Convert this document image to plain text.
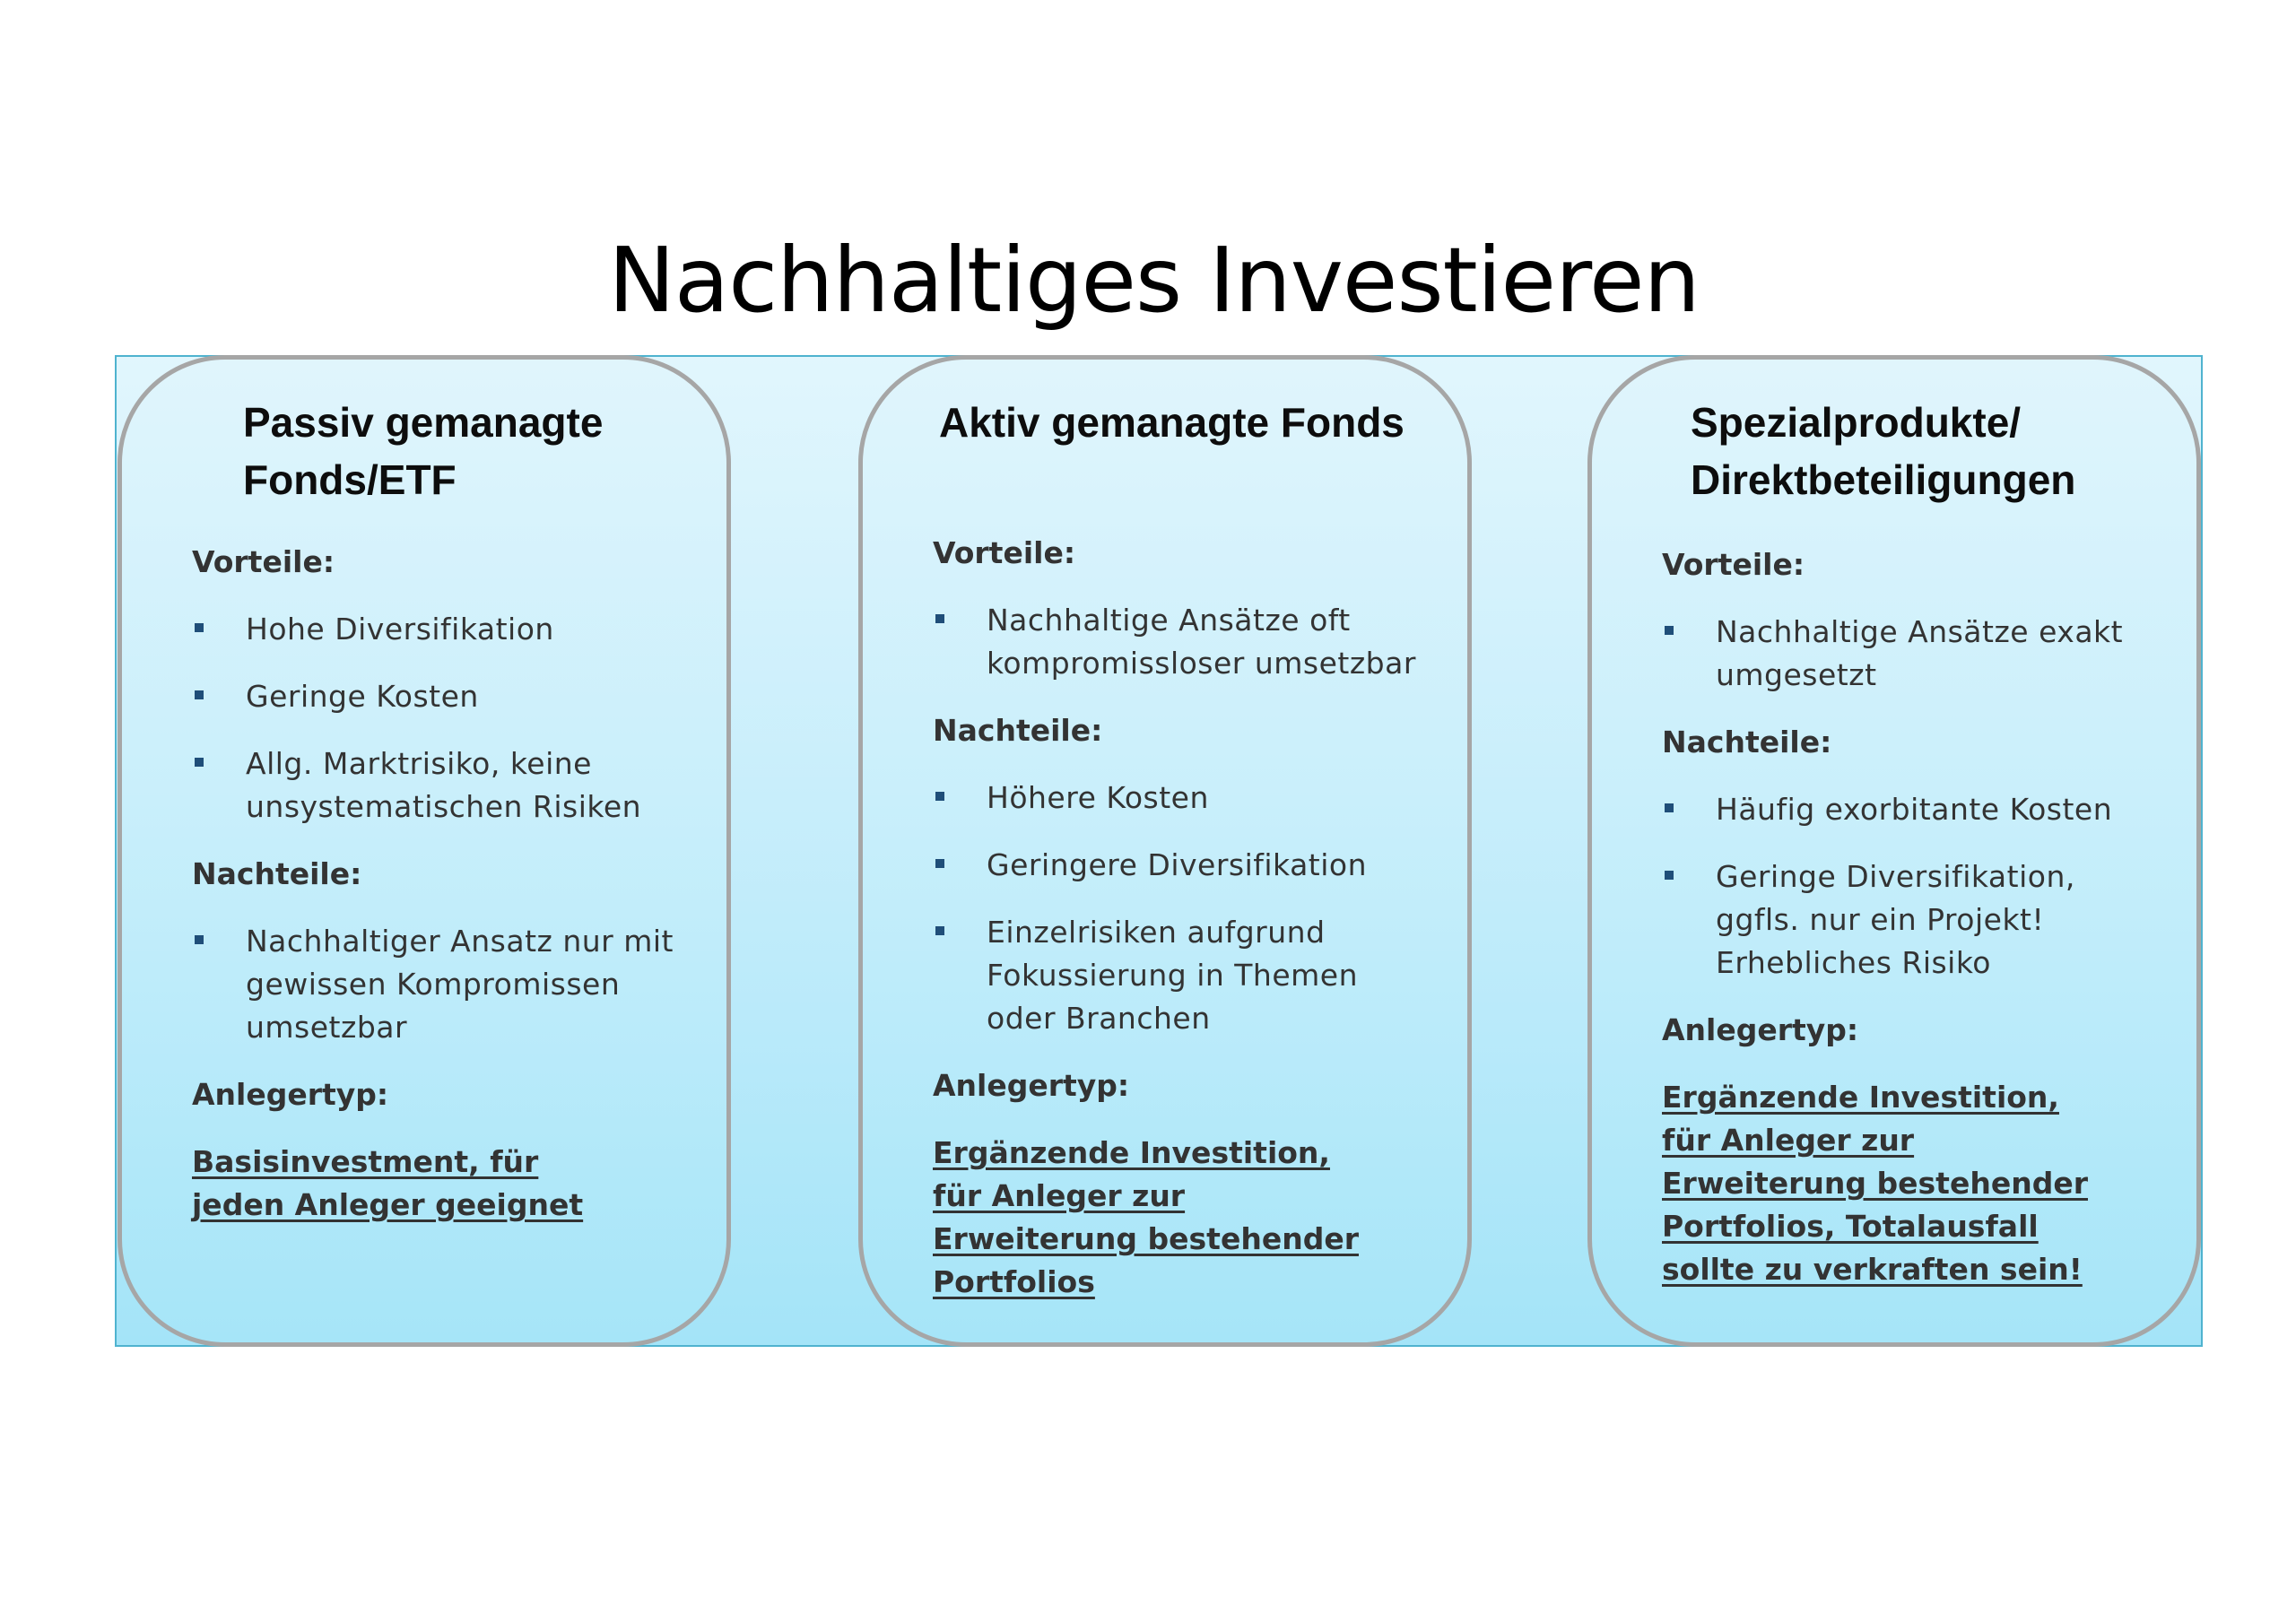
Nachhaltiges Investieren
Passiv gemanagte Fonds/ETF

Vorteile:

Hohe Diversifikation
Geringe Kosten
Allg. Marktrisiko, keine unsystematischen Risiken

Nachteile:

Nachhaltiger Ansatz nur mit gewissen Kompromissen umsetzbar

Anlegertyp:

Basisinvestment, für jeden Anleger geeignet

Aktiv gemanagte Fonds

Vorteile:

Nachhaltige Ansätze oft kompromissloser umsetzbar

Nachteile:

Höhere Kosten
Geringere Diversifikation
Einzelrisiken aufgrund Fokussierung in Themen oder Branchen

Anlegertyp:

Ergänzende Investition, für Anleger zur Erweiterung bestehender Portfolios

Spezialprodukte/ Direktbeteiligungen

Vorteile:

Nachhaltige Ansätze exakt umgesetzt

Nachteile:

Häufig exorbitante Kosten
Geringe Diversifikation, ggfls. nur ein Projekt! Erhebliches Risiko

Anlegertyp:

Ergänzende Investition, für Anleger zur Erweiterung bestehender Portfolios, Totalausfall sollte zu verkraften sein!
